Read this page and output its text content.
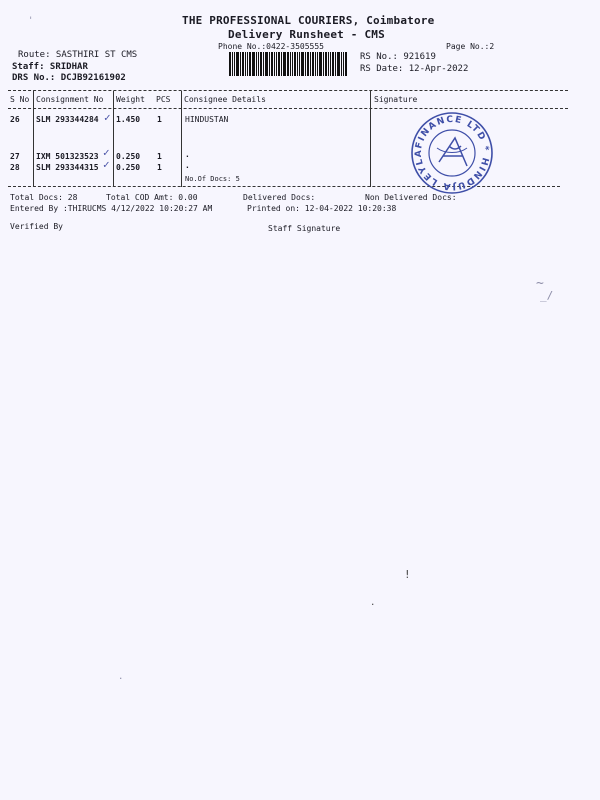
THE PROFESSIONAL COURIERS, Coimbatore
Delivery Runsheet - CMS
Phone No.:0422-3505555	Page No.:2
Route: SASTHIRI ST CMS
Staff: SRIDHAR
DRS No.: DCJB92161902
RS No.: 921619
RS Date: 12-Apr-2022
S No Consignment No Weight PCS Consignee Details	Signature
26 SLM 293344284 ✓ 1.450 1	HINDUSTAN
27 IXM 501323523 ✓ 0.250 1	.
28 SLM 293344315 ✓ 0.250 1	.
No.Of Docs: 5
FINANCE LTD * HINDUJA LEYLA
Total Docs: 28	Total COD Amt: 0.00	Delivered Docs:	Non Delivered Docs:
Entered By :THIRUCMS 4/12/2022 10:20:27 AM	Printed on: 12-04-2022 10:20:38
Verified By	Staff Signature
'
~
_/
!
.
.
